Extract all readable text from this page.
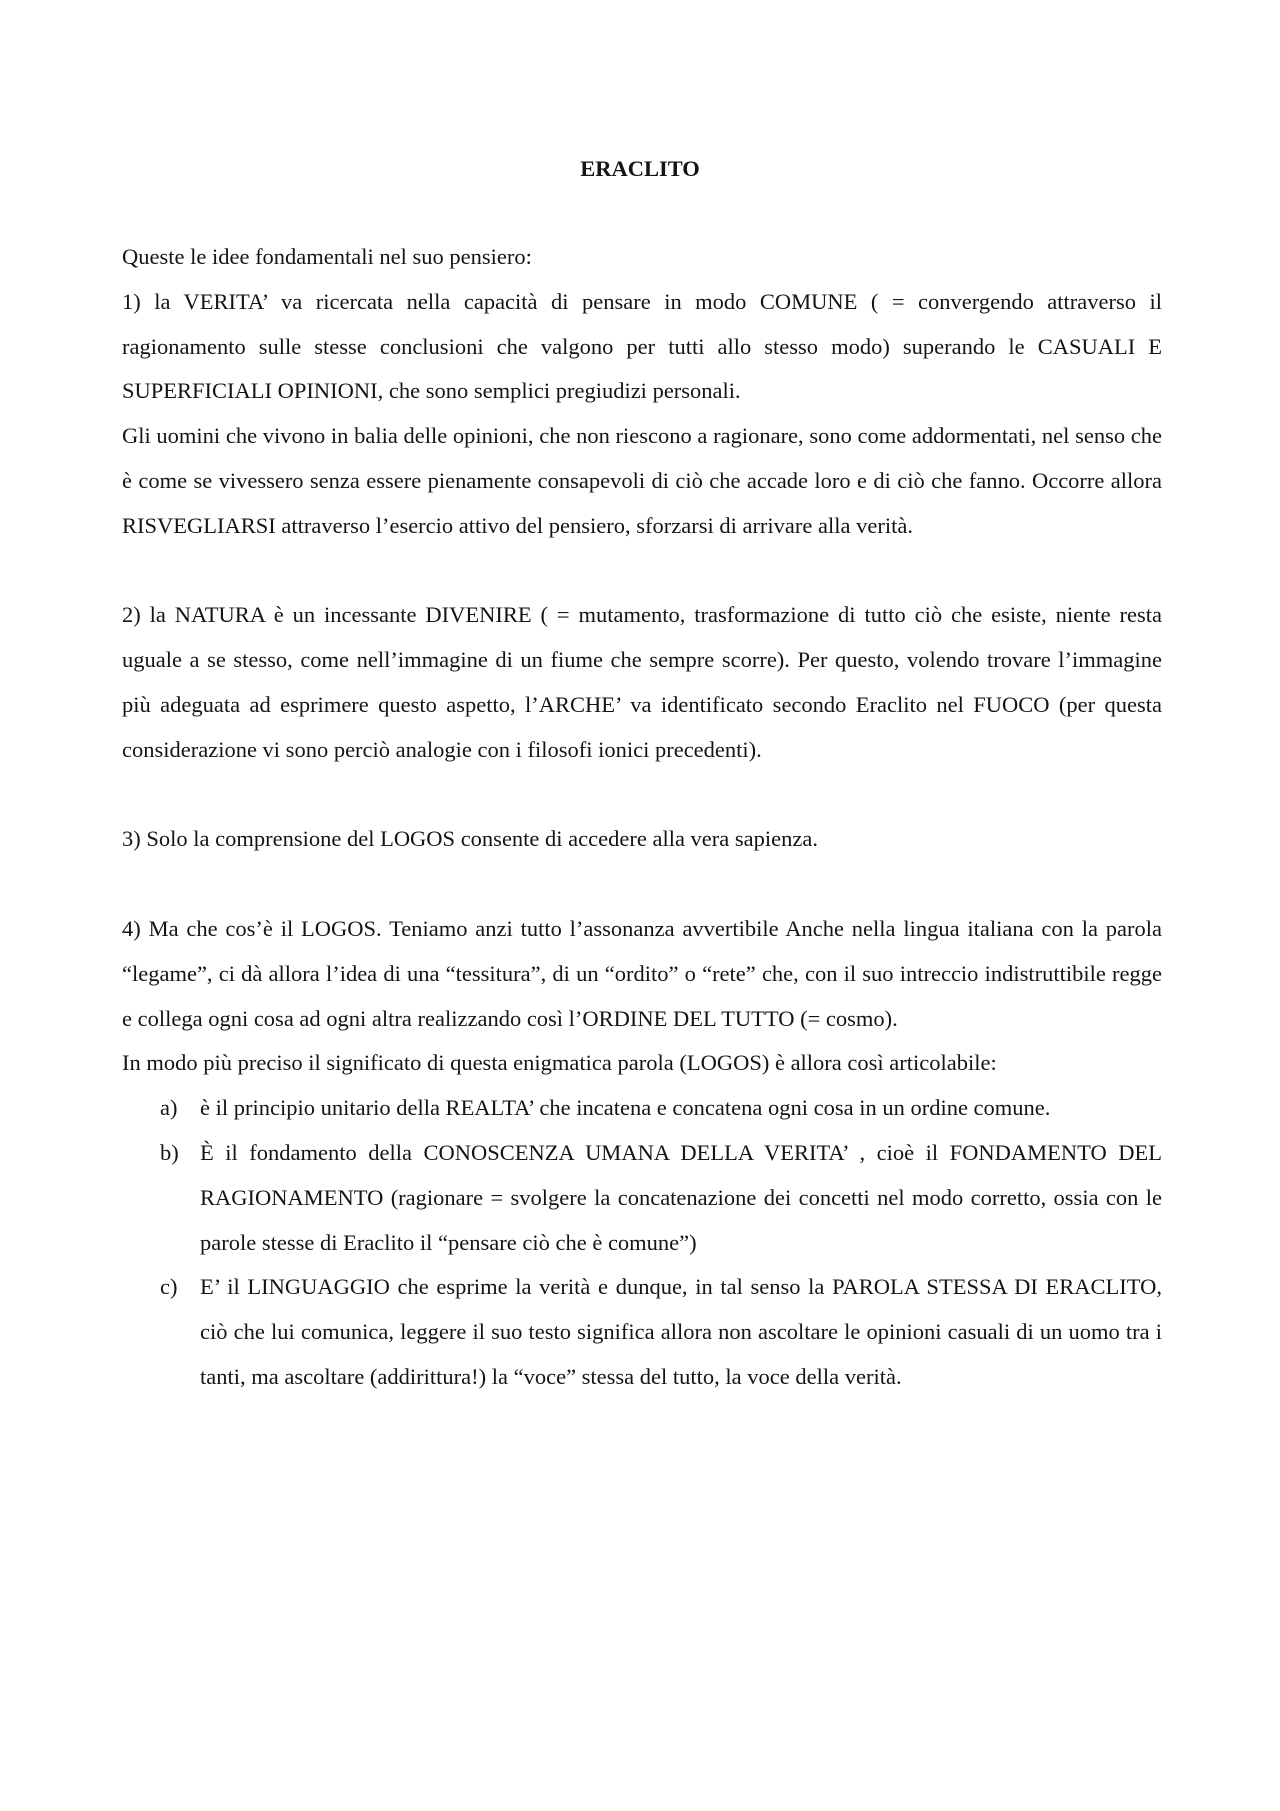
ERACLITO

Queste le idee fondamentali nel suo pensiero:

1) la VERITA’ va ricercata nella capacità di pensare in modo COMUNE ( = convergendo attraverso il ragionamento sulle stesse conclusioni che valgono per tutti allo stesso modo) superando le CASUALI E SUPERFICIALI OPINIONI, che sono semplici pregiudizi personali.

Gli uomini che vivono in balia delle opinioni, che non riescono a ragionare, sono come addormentati, nel senso che è come se vivessero senza essere pienamente consapevoli di ciò che accade loro e di ciò che fanno. Occorre allora RISVEGLIARSI attraverso l’esercio attivo del pensiero, sforzarsi di arrivare alla verità.

2) la NATURA è un incessante DIVENIRE ( = mutamento, trasformazione di tutto ciò che esiste, niente resta uguale a se stesso, come nell’immagine di un fiume che sempre scorre). Per questo, volendo trovare l’immagine più adeguata ad esprimere questo aspetto, l’ARCHE’ va identificato secondo Eraclito nel FUOCO (per questa considerazione vi sono perciò analogie con i filosofi ionici precedenti).

3) Solo la comprensione del LOGOS consente di accedere alla vera sapienza.

4) Ma che cos’è il LOGOS. Teniamo anzi tutto l’assonanza avvertibile Anche nella lingua italiana con la parola “legame”, ci dà allora l’idea di una “tessitura”, di un “ordito” o “rete” che, con il suo intreccio indistruttibile regge e collega ogni cosa ad ogni altra realizzando così l’ORDINE DEL TUTTO (= cosmo).

In modo più preciso il significato di questa enigmatica parola (LOGOS) è allora così articolabile:

a) è il principio unitario della REALTA’ che incatena e concatena ogni cosa in un ordine comune.
b) È il fondamento della CONOSCENZA UMANA DELLA VERITA’ , cioè il FONDAMENTO DEL RAGIONAMENTO (ragionare = svolgere la concatenazione dei concetti nel modo corretto, ossia con le parole stesse di Eraclito il “pensare ciò che è comune”)
c) E’ il LINGUAGGIO che esprime la verità e dunque, in tal senso la PAROLA STESSA DI ERACLITO, ciò che lui comunica, leggere il suo testo significa allora non ascoltare le opinioni casuali di un uomo tra i tanti, ma ascoltare (addirittura!) la “voce” stessa del tutto, la voce della verità.
